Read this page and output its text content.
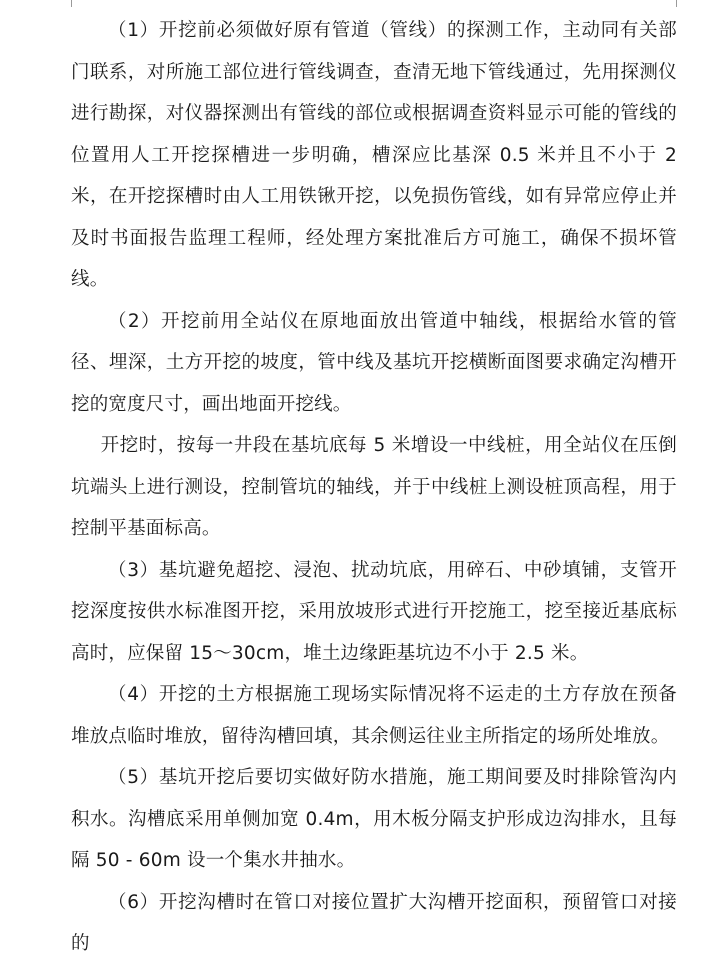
（1）开挖前必须做好原有管道（管线）的探测工作，主动同有关部门联系，对所施工部位进行管线调查，查清无地下管线通过，先用探测仪进行勘探，对仪器探测出有管线的部位或根据调查资料显示可能的管线的位置用人工开挖探槽进一步明确，槽深应比基深 0.5 米并且不小于 2 米，在开挖探槽时由人工用铁锹开挖，以免损伤管线，如有异常应停止并及时书面报告监理工程师，经处理方案批准后方可施工，确保不损坏管线。

（2）开挖前用全站仪在原地面放出管道中轴线，根据给水管的管径、埋深，土方开挖的坡度，管中线及基坑开挖横断面图要求确定沟槽开挖的宽度尺寸，画出地面开挖线。

开挖时，按每一井段在基坑底每 5 米增设一中线桩，用全站仪在压倒坑端头上进行测设，控制管坑的轴线，并于中线桩上测设桩顶高程，用于控制平基面标高。

（3）基坑避免超挖、浸泡、扰动坑底，用碎石、中砂填铺，支管开挖深度按供水标准图开挖，采用放坡形式进行开挖施工，挖至接近基底标高时，应保留 15～30cm，堆土边缘距基坑边不小于 2.5 米。

（4）开挖的土方根据施工现场实际情况将不运走的土方存放在预备堆放点临时堆放，留待沟槽回填，其余侧运往业主所指定的场所处堆放。

（5）基坑开挖后要切实做好防水措施，施工期间要及时排除管沟内积水。沟槽底采用单侧加宽 0.4m，用木板分隔支护形成边沟排水，且每隔 50 - 60m 设一个集水井抽水。

（6）开挖沟槽时在管口对接位置扩大沟槽开挖面积，预留管口对接的
